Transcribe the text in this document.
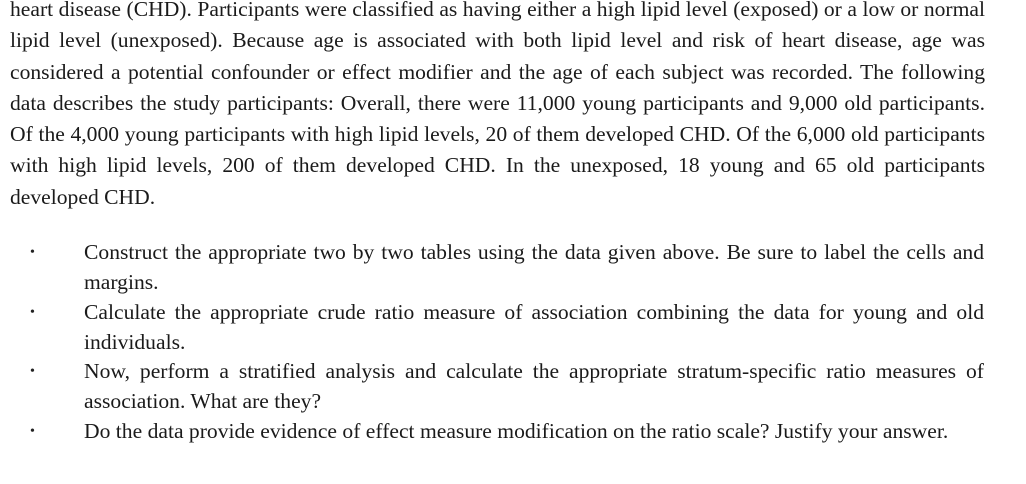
heart disease (CHD). Participants were classified as having either a high lipid level (exposed) or a low or normal lipid level (unexposed). Because age is associated with both lipid level and risk of heart disease, age was considered a potential confounder or effect modifier and the age of each subject was recorded. The following data describes the study participants: Overall, there were 11,000 young participants and 9,000 old participants. Of the 4,000 young participants with high lipid levels, 20 of them developed CHD. Of the 6,000 old participants with high lipid levels, 200 of them developed CHD. In the unexposed, 18 young and 65 old participants developed CHD.

• Construct the appropriate two by two tables using the data given above. Be sure to label the cells and margins.
• Calculate the appropriate crude ratio measure of association combining the data for young and old individuals.
• Now, perform a stratified analysis and calculate the appropriate stratum-specific ratio measures of association. What are they?
• Do the data provide evidence of effect measure modification on the ratio scale? Justify your answer.
